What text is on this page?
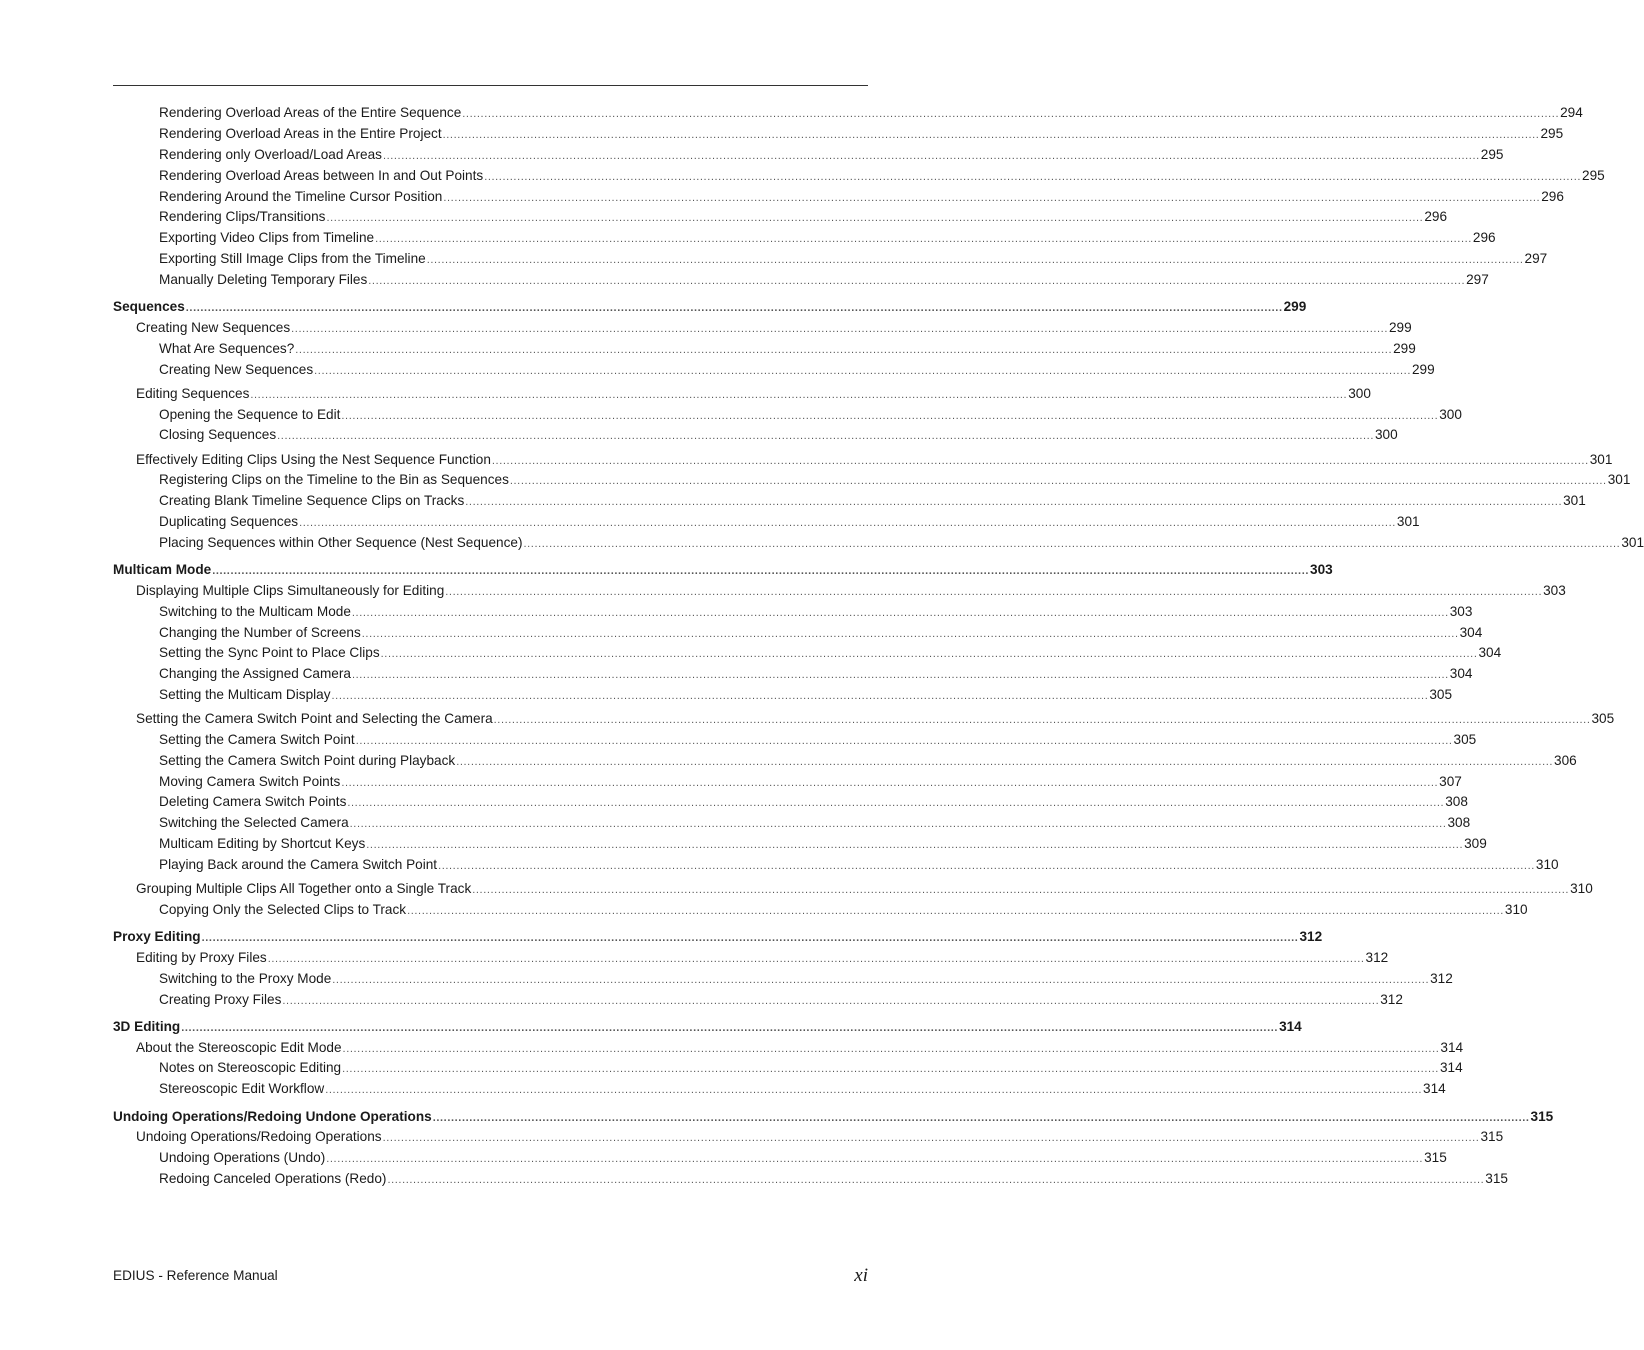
Rendering Overload Areas of the Entire Sequence ............................................................................................................................................................................................................................................................................................................ 294
Rendering Overload Areas in the Entire Project ............................................................................................................................................................................................................................................................................................................ 295
Rendering only Overload/Load Areas ............................................................................................................................................................................................................................................................................................................ 295
Rendering Overload Areas between In and Out Points ............................................................................................................................................................................................................................................................................................................ 295
Rendering Around the Timeline Cursor Position ............................................................................................................................................................................................................................................................................................................ 296
Rendering Clips/Transitions ............................................................................................................................................................................................................................................................................................................ 296
Exporting Video Clips from Timeline ............................................................................................................................................................................................................................................................................................................ 296
Exporting Still Image Clips from the Timeline ............................................................................................................................................................................................................................................................................................................ 297
Manually Deleting Temporary Files ............................................................................................................................................................................................................................................................................................................ 297
Sequences ............................................................................................................................................................................................................................................................................................................ 299
Creating New Sequences ............................................................................................................................................................................................................................................................................................................ 299
What Are Sequences? ............................................................................................................................................................................................................................................................................................................ 299
Creating New Sequences ............................................................................................................................................................................................................................................................................................................ 299
Editing Sequences ............................................................................................................................................................................................................................................................................................................ 300
Opening the Sequence to Edit ............................................................................................................................................................................................................................................................................................................ 300
Closing Sequences ............................................................................................................................................................................................................................................................................................................ 300
Effectively Editing Clips Using the Nest Sequence Function ............................................................................................................................................................................................................................................................................................................ 301
Registering Clips on the Timeline to the Bin as Sequences ............................................................................................................................................................................................................................................................................................................ 301
Creating Blank Timeline Sequence Clips on Tracks ............................................................................................................................................................................................................................................................................................................ 301
Duplicating Sequences ............................................................................................................................................................................................................................................................................................................ 301
Placing Sequences within Other Sequence (Nest Sequence) ............................................................................................................................................................................................................................................................................................................ 301
Multicam Mode ............................................................................................................................................................................................................................................................................................................ 303
Displaying Multiple Clips Simultaneously for Editing ............................................................................................................................................................................................................................................................................................................ 303
Switching to the Multicam Mode ............................................................................................................................................................................................................................................................................................................ 303
Changing the Number of Screens ............................................................................................................................................................................................................................................................................................................ 304
Setting the Sync Point to Place Clips ............................................................................................................................................................................................................................................................................................................ 304
Changing the Assigned Camera ............................................................................................................................................................................................................................................................................................................ 304
Setting the Multicam Display ............................................................................................................................................................................................................................................................................................................ 305
Setting the Camera Switch Point and Selecting the Camera ............................................................................................................................................................................................................................................................................................................ 305
Setting the Camera Switch Point ............................................................................................................................................................................................................................................................................................................ 305
Setting the Camera Switch Point during Playback ............................................................................................................................................................................................................................................................................................................ 306
Moving Camera Switch Points ............................................................................................................................................................................................................................................................................................................ 307
Deleting Camera Switch Points ............................................................................................................................................................................................................................................................................................................ 308
Switching the Selected Camera ............................................................................................................................................................................................................................................................................................................ 308
Multicam Editing by Shortcut Keys ............................................................................................................................................................................................................................................................................................................ 309
Playing Back around the Camera Switch Point ............................................................................................................................................................................................................................................................................................................ 310
Grouping Multiple Clips All Together onto a Single Track ............................................................................................................................................................................................................................................................................................................ 310
Copying Only the Selected Clips to Track ............................................................................................................................................................................................................................................................................................................ 310
Proxy Editing ............................................................................................................................................................................................................................................................................................................ 312
Editing by Proxy Files ............................................................................................................................................................................................................................................................................................................ 312
Switching to the Proxy Mode ............................................................................................................................................................................................................................................................................................................ 312
Creating Proxy Files ............................................................................................................................................................................................................................................................................................................ 312
3D Editing ............................................................................................................................................................................................................................................................................................................ 314
About the Stereoscopic Edit Mode ............................................................................................................................................................................................................................................................................................................ 314
Notes on Stereoscopic Editing ............................................................................................................................................................................................................................................................................................................ 314
Stereoscopic Edit Workflow ............................................................................................................................................................................................................................................................................................................ 314
Undoing Operations/Redoing Undone Operations ............................................................................................................................................................................................................................................................................................................ 315
Undoing Operations/Redoing Operations ............................................................................................................................................................................................................................................................................................................ 315
Undoing Operations (Undo) ............................................................................................................................................................................................................................................................................................................ 315
Redoing Canceled Operations (Redo) ............................................................................................................................................................................................................................................................................................................ 315
EDIUS - Reference Manual	xi
